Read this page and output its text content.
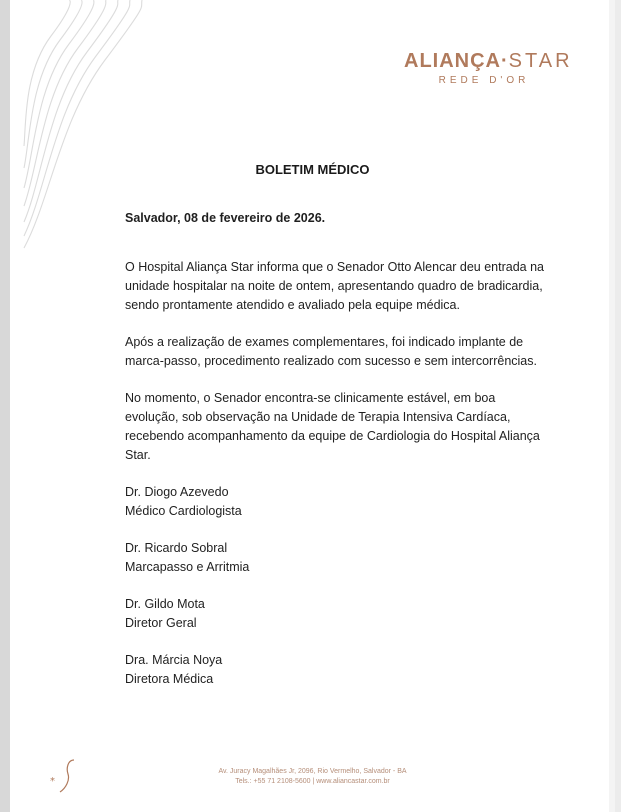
ALIANÇA·STAR
REDE D'OR
BOLETIM MÉDICO

Salvador, 08 de fevereiro de 2026.

O Hospital Aliança Star informa que o Senador Otto Alencar deu entrada na unidade hospitalar na noite de ontem, apresentando quadro de bradicardia, sendo prontamente atendido e avaliado pela equipe médica.

Após a realização de exames complementares, foi indicado implante de marca-passo, procedimento realizado com sucesso e sem intercorrências.

No momento, o Senador encontra-se clinicamente estável, em boa evolução, sob observação na Unidade de Terapia Intensiva Cardíaca, recebendo acompanhamento da equipe de Cardiologia do Hospital Aliança Star.

Dr. Diogo Azevedo
Médico Cardiologista
Dr. Ricardo Sobral
Marcapasso e Arritmia
Dr. Gildo Mota
Diretor Geral
Dra. Márcia Noya
Diretora Médica
*
Av. Juracy Magalhães Jr, 2096, Rio Vermelho, Salvador - BA
Tels.: +55 71 2108-5600 | www.aliancastar.com.br
